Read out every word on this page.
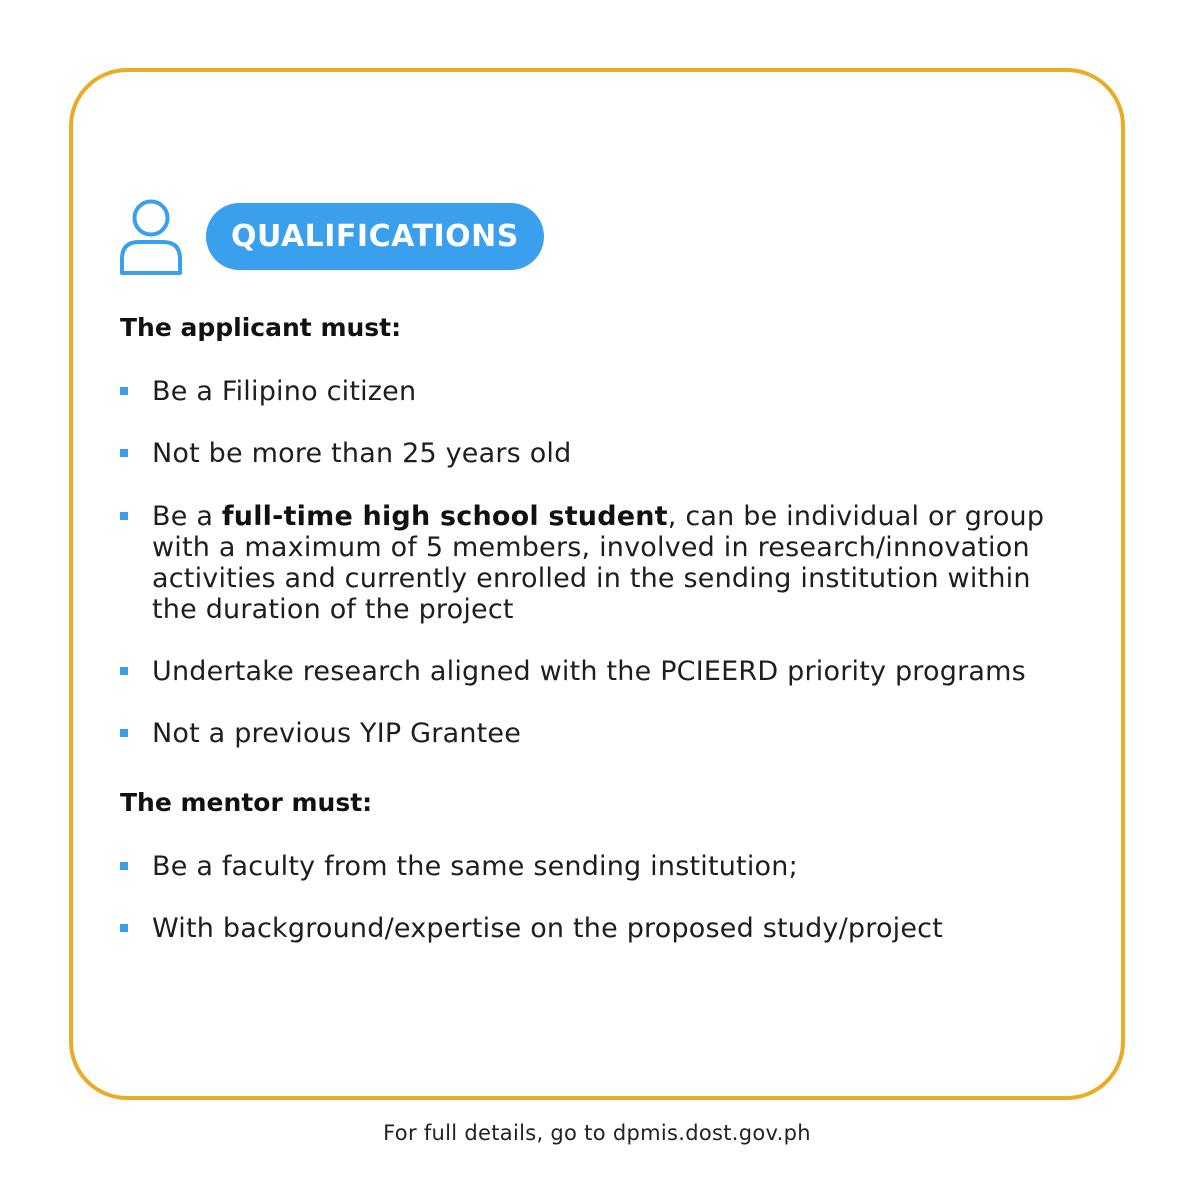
QUALIFICATIONS
The applicant must:
Be a Filipino citizen
Not be more than 25 years old
Be a full-time high school student, can be individual or group
with a maximum of 5 members, involved in research/innovation
activities and currently enrolled in the sending institution within
the duration of the project
Undertake research aligned with the PCIEERD priority programs
Not a previous YIP Grantee
The mentor must:
Be a faculty from the same sending institution;
With background/expertise on the proposed study/project
For full details, go to dpmis.dost.gov.ph
